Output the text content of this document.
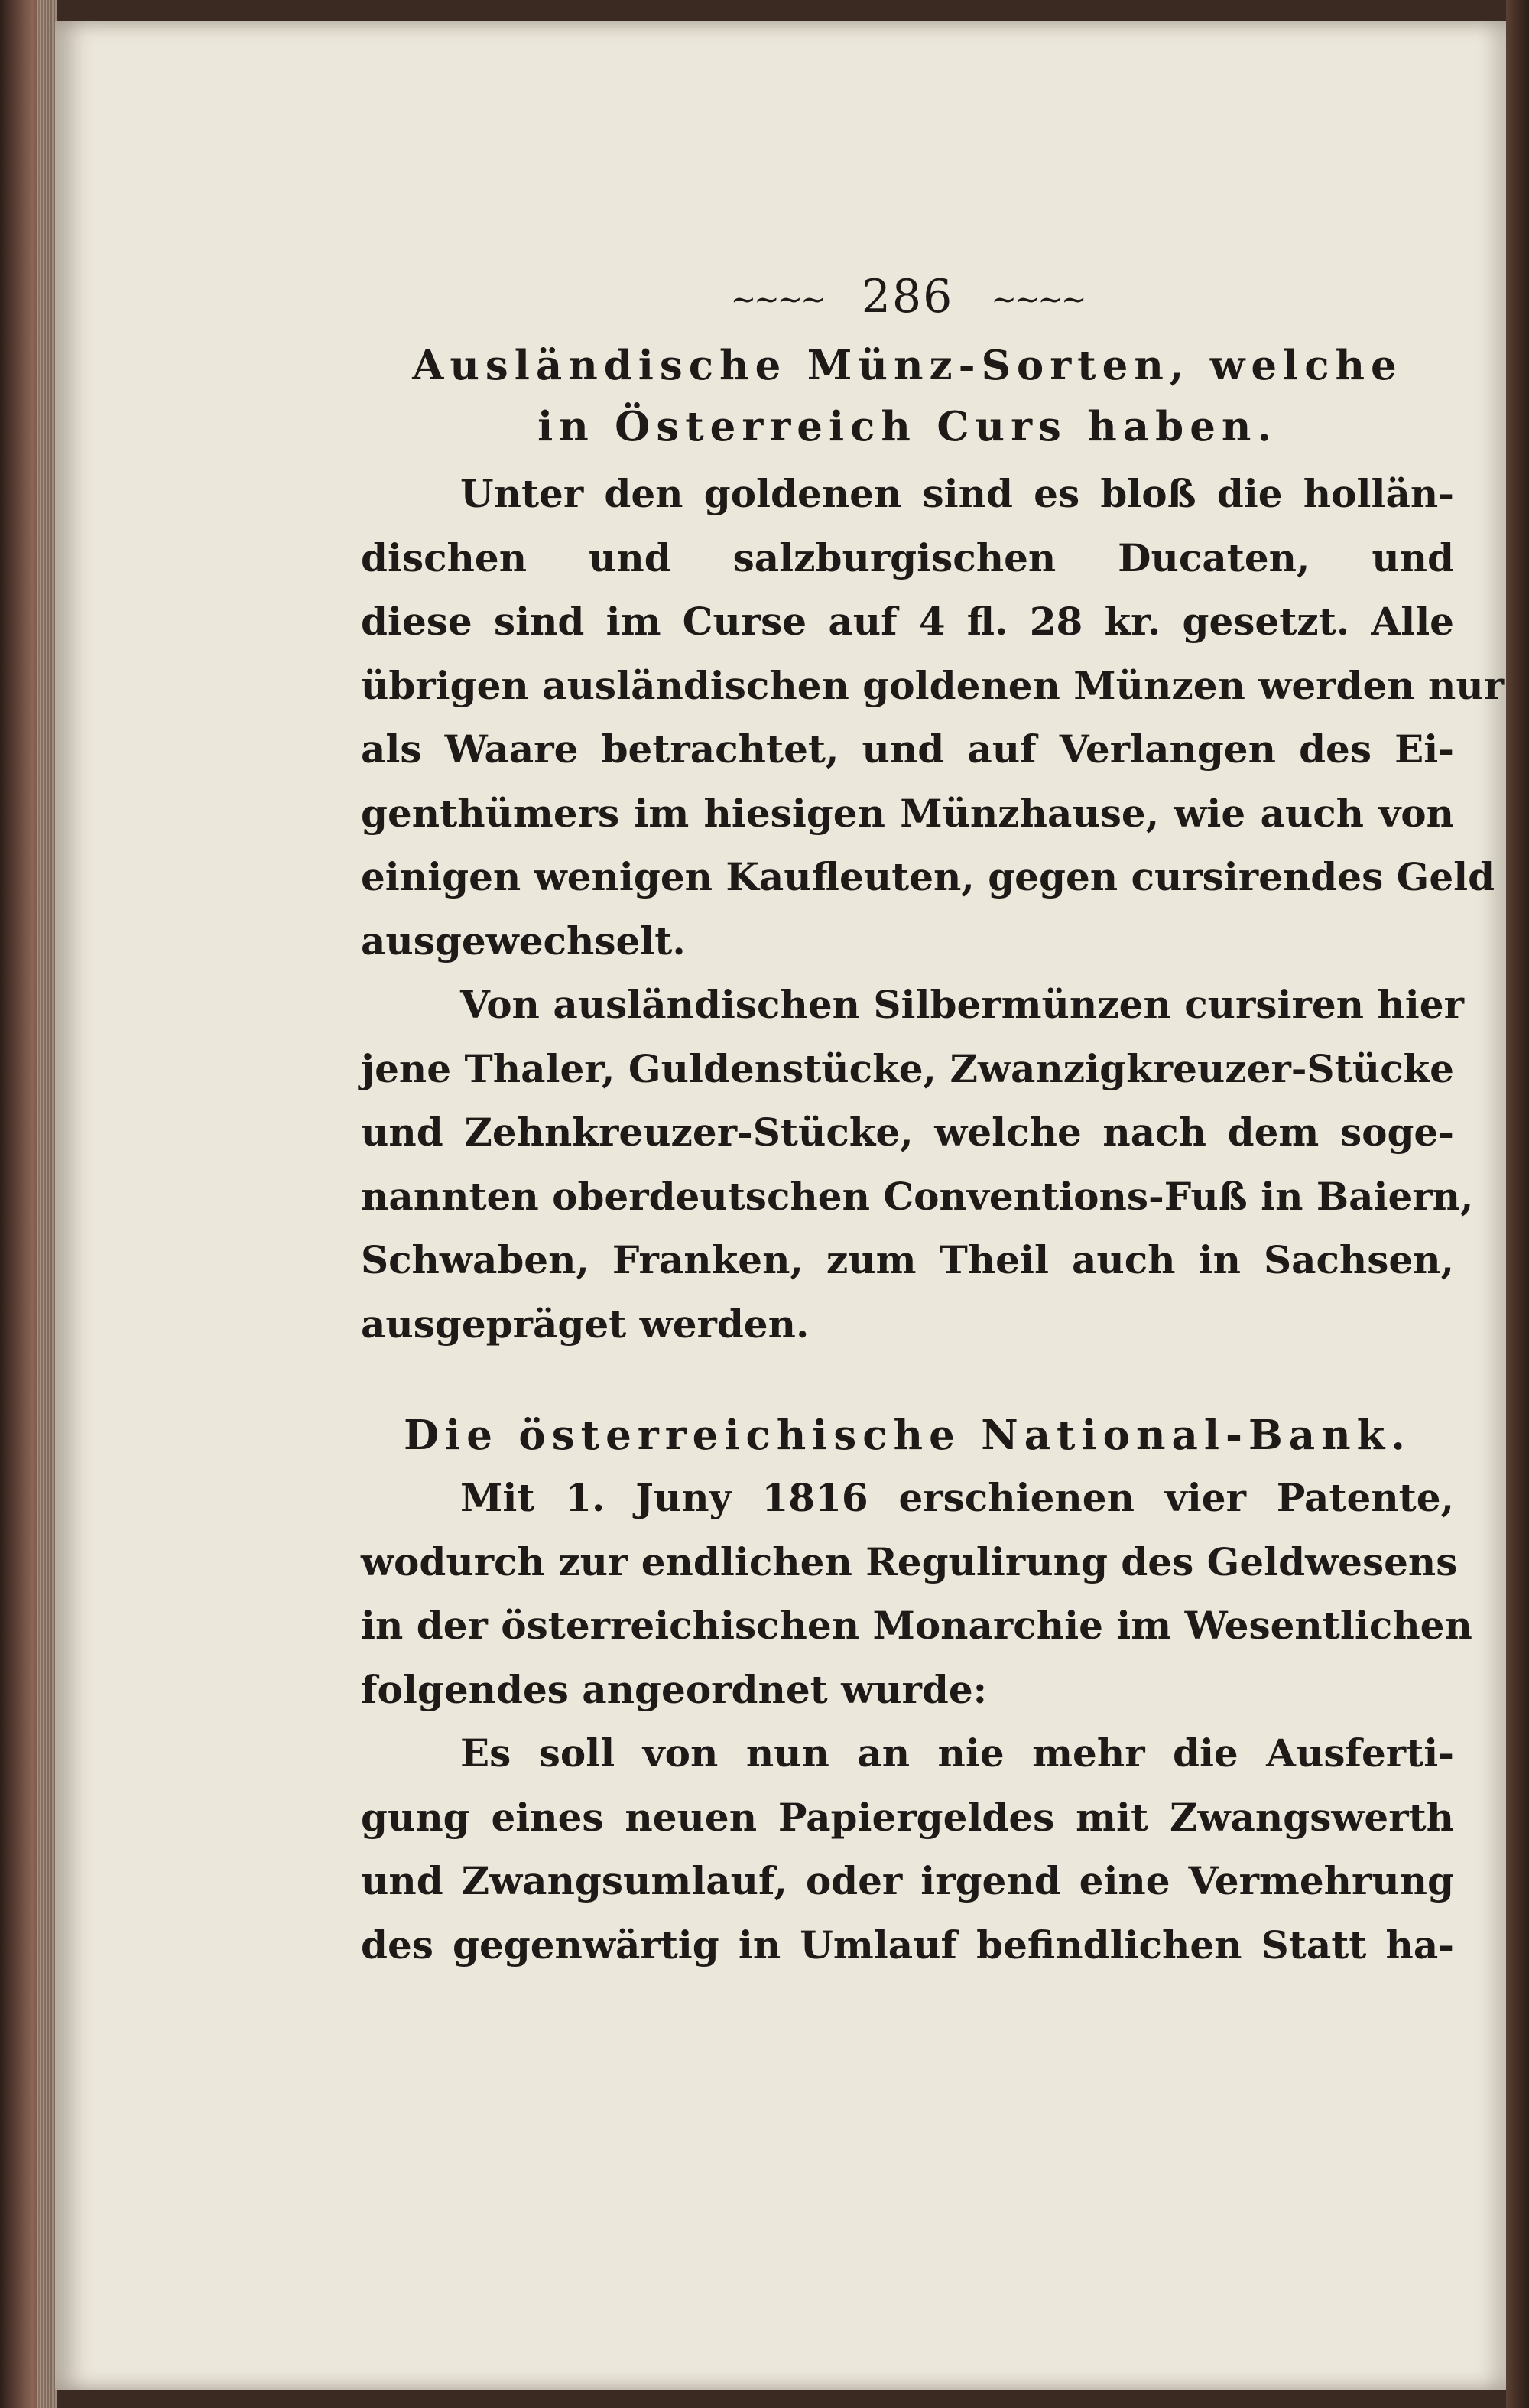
~~~~ 286 ~~~~
Ausländische Münz-Sorten, welche
in Österreich Curs haben.

Unter den goldenen sind es bloß die hollän-
dischen und salzburgischen Ducaten, und
diese sind im Curse auf 4 fl. 28 kr. gesetzt. Alle
übrigen ausländischen goldenen Münzen werden nur
als Waare betrachtet, und auf Verlangen des Ei-
genthümers im hiesigen Münzhause, wie auch von
einigen wenigen Kaufleuten, gegen cursirendes Geld
ausgewechselt.

Von ausländischen Silbermünzen cursiren hier
jene Thaler, Guldenstücke, Zwanzigkreuzer-Stücke
und Zehnkreuzer-Stücke, welche nach dem soge-
nannten oberdeutschen Conventions-Fuß in Baiern,
Schwaben, Franken, zum Theil auch in Sachsen,
ausgepräget werden.

Die österreichische National-Bank.

Mit 1. Juny 1816 erschienen vier Patente,
wodurch zur endlichen Regulirung des Geldwesens
in der österreichischen Monarchie im Wesentlichen
folgendes angeordnet wurde:

Es soll von nun an nie mehr die Ausferti-
gung eines neuen Papiergeldes mit Zwangswerth
und Zwangsumlauf, oder irgend eine Vermehrung
des gegenwärtig in Umlauf befindlichen Statt ha-
